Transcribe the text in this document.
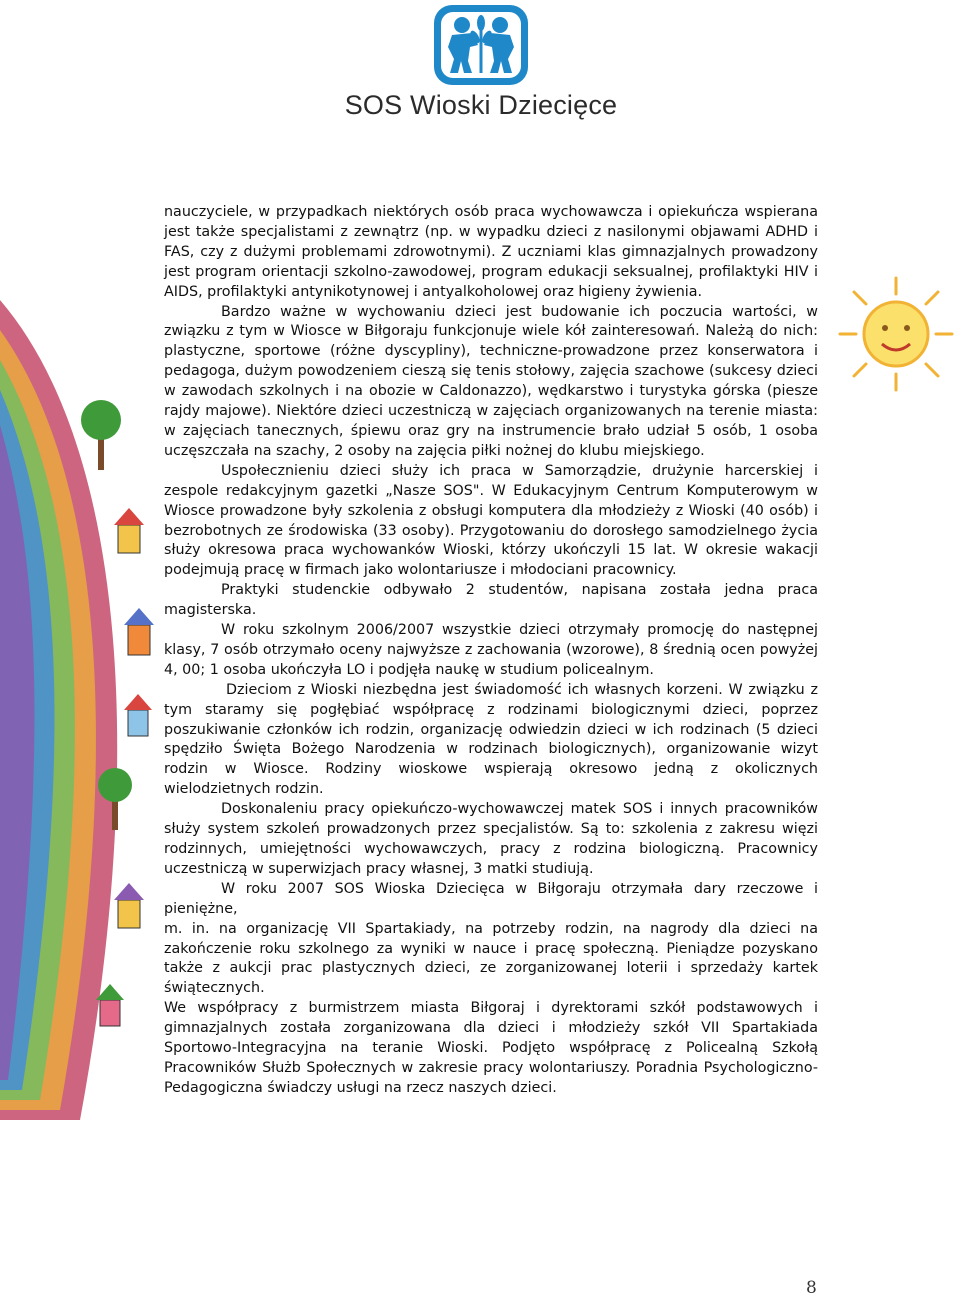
SOS Wioski Dziecięce

nauczyciele, w przypadkach niektórych osób praca wychowawcza i opiekuńcza wspierana jest także specjalistami z zewnątrz (np. w wypadku dzieci z nasilonymi objawami ADHD i FAS, czy z dużymi problemami zdrowotnymi). Z uczniami klas gimnazjalnych prowadzony jest program orientacji szkolno-zawodowej, program edukacji seksualnej, profilaktyki HIV i AIDS, profilaktyki antynikotynowej i antyalkoholowej oraz higieny żywienia.

Bardzo ważne w wychowaniu dzieci jest budowanie ich poczucia wartości, w związku z tym w Wiosce w Biłgoraju funkcjonuje wiele kół zainteresowań. Należą do nich: plastyczne, sportowe (różne dyscypliny), techniczne-prowadzone przez konserwatora i pedagoga, dużym powodzeniem cieszą się tenis stołowy, zajęcia szachowe (sukcesy dzieci w zawodach szkolnych i na obozie w Caldonazzo), wędkarstwo i turystyka górska (piesze rajdy majowe). Niektóre dzieci uczestniczą w zajęciach organizowanych na terenie miasta: w zajęciach tanecznych, śpiewu oraz gry na instrumencie brało udział 5 osób, 1 osoba uczęszczała na szachy, 2 osoby na zajęcia piłki nożnej do klubu miejskiego.

Uspołecznieniu dzieci służy ich praca w Samorządzie, drużynie harcerskiej i zespole redakcyjnym gazetki „Nasze SOS". W Edukacyjnym Centrum Komputerowym w Wiosce prowadzone były szkolenia z obsługi komputera dla młodzieży z Wioski (40 osób) i bezrobotnych ze środowiska (33 osoby). Przygotowaniu do dorosłego samodzielnego życia służy okresowa praca wychowanków Wioski, którzy ukończyli 15 lat. W okresie wakacji podejmują pracę w firmach jako wolontariusze i młodociani pracownicy.

Praktyki studenckie odbywało 2 studentów, napisana została jedna praca magisterska.

W roku szkolnym 2006/2007 wszystkie dzieci otrzymały promocję do następnej klasy, 7 osób otrzymało oceny najwyższe z zachowania (wzorowe), 8 średnią ocen powyżej 4, 00; 1 osoba ukończyła LO i podjęła naukę w studium policealnym.

Dzieciom z Wioski niezbędna jest świadomość ich własnych korzeni. W związku z tym staramy się pogłębiać współpracę z rodzinami biologicznymi dzieci, poprzez poszukiwanie członków ich rodzin, organizację odwiedzin dzieci w ich rodzinach (5 dzieci spędziło Święta Bożego Narodzenia w rodzinach biologicznych), organizowanie wizyt rodzin w Wiosce. Rodziny wioskowe wspierają okresowo jedną z okolicznych wielodzietnych rodzin.

Doskonaleniu pracy opiekuńczo-wychowawczej matek SOS i innych pracowników służy system szkoleń prowadzonych przez specjalistów. Są to: szkolenia z zakresu więzi rodzinnych, umiejętności wychowawczych, pracy z rodzina biologiczną. Pracownicy uczestniczą w superwizjach pracy własnej, 3 matki studiują.

W roku 2007 SOS Wioska Dziecięca w Biłgoraju otrzymała dary rzeczowe i pieniężne,

m. in. na organizację VII Spartakiady, na potrzeby rodzin, na nagrody dla dzieci na zakończenie roku szkolnego za wyniki w nauce i pracę społeczną. Pieniądze pozyskano także z aukcji prac plastycznych dzieci, ze zorganizowanej loterii i sprzedaży kartek świątecznych.

We współpracy z burmistrzem miasta Biłgoraj i dyrektorami szkół podstawowych i gimnazjalnych została zorganizowana dla dzieci i młodzieży szkół VII Spartakiada Sportowo-Integracyjna na teranie Wioski. Podjęto współpracę z Policealną Szkołą Pracowników Służb Społecznych w zakresie pracy wolontariuszy. Poradnia Psychologiczno-Pedagogiczna świadczy usługi na rzecz naszych dzieci.

8
